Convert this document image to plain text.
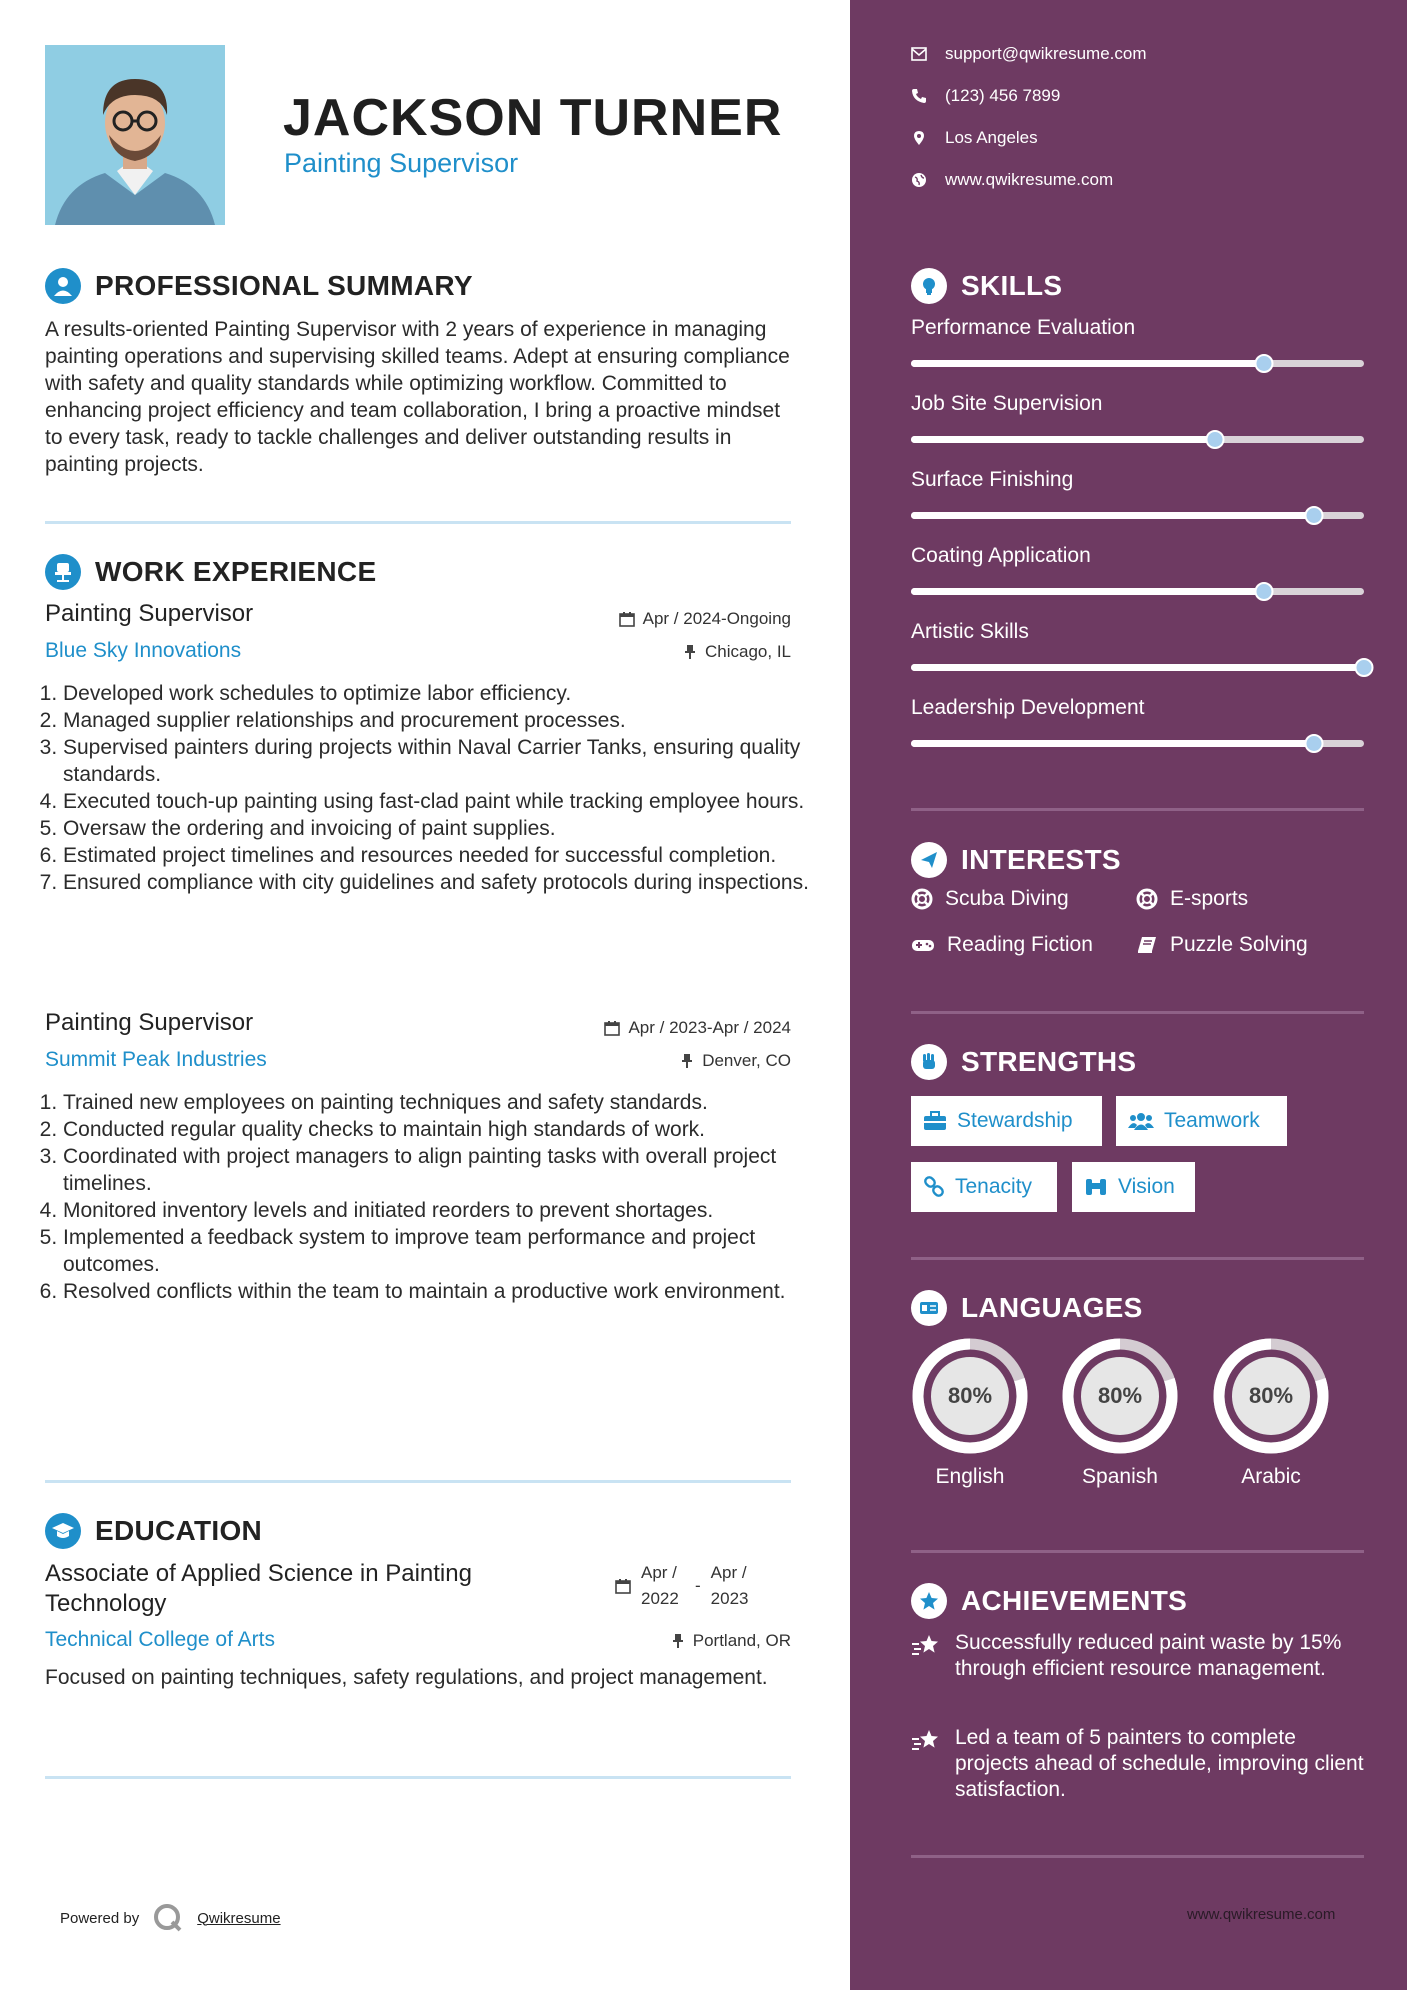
JACKSON TURNER
Painting Supervisor
PROFESSIONAL SUMMARY

A results-oriented Painting Supervisor with 2 years of experience in managing painting operations and supervising skilled teams. Adept at ensuring compliance with safety and quality standards while optimizing workflow. Committed to enhancing project efficiency and team collaboration, I bring a proactive mindset to every task, ready to tackle challenges and deliver outstanding results in painting projects.

WORK EXPERIENCE
Painting Supervisor
Blue Sky Innovations
Apr / 2024-Ongoing
Chicago, IL
1. Developed work schedules to optimize labor efficiency.
2. Managed supplier relationships and procurement processes.
3. Supervised painters during projects within Naval Carrier Tanks, ensuring quality standards.
4. Executed touch-up painting using fast-clad paint while tracking employee hours.
5. Oversaw the ordering and invoicing of paint supplies.
6. Estimated project timelines and resources needed for successful completion.
7. Ensured compliance with city guidelines and safety protocols during inspections.
Painting Supervisor
Summit Peak Industries
Apr / 2023-Apr / 2024
Denver, CO
1. Trained new employees on painting techniques and safety standards.
2. Conducted regular quality checks to maintain high standards of work.
3. Coordinated with project managers to align painting tasks with overall project timelines.
4. Monitored inventory levels and initiated reorders to prevent shortages.
5. Implemented a feedback system to improve team performance and project outcomes.
6. Resolved conflicts within the team to maintain a productive work environment.
EDUCATION
Associate of Applied Science in Painting Technology
Technical College of Arts
Apr / 2022
-
Apr / 2023
Portland, OR

Focused on painting techniques, safety regulations, and project management.

Powered by	Qwikresume
support@qwikresume.com
(123) 456 7899
Los Angeles
www.qwikresume.com
SKILLS
Performance Evaluation
Job Site Supervision
Surface Finishing
Coating Application
Artistic Skills
Leadership Development
INTERESTS
Scuba Diving	E-sports
Reading Fiction	Puzzle Solving
STRENGTHS
Stewardship	Teamwork
Tenacity	Vision
LANGUAGES
80%
English
80%
Spanish
80%
Arabic
ACHIEVEMENTS
Successfully reduced paint waste by 15% through efficient resource management.
Led a team of 5 painters to complete projects ahead of schedule, improving client satisfaction.
www.qwikresume.com
